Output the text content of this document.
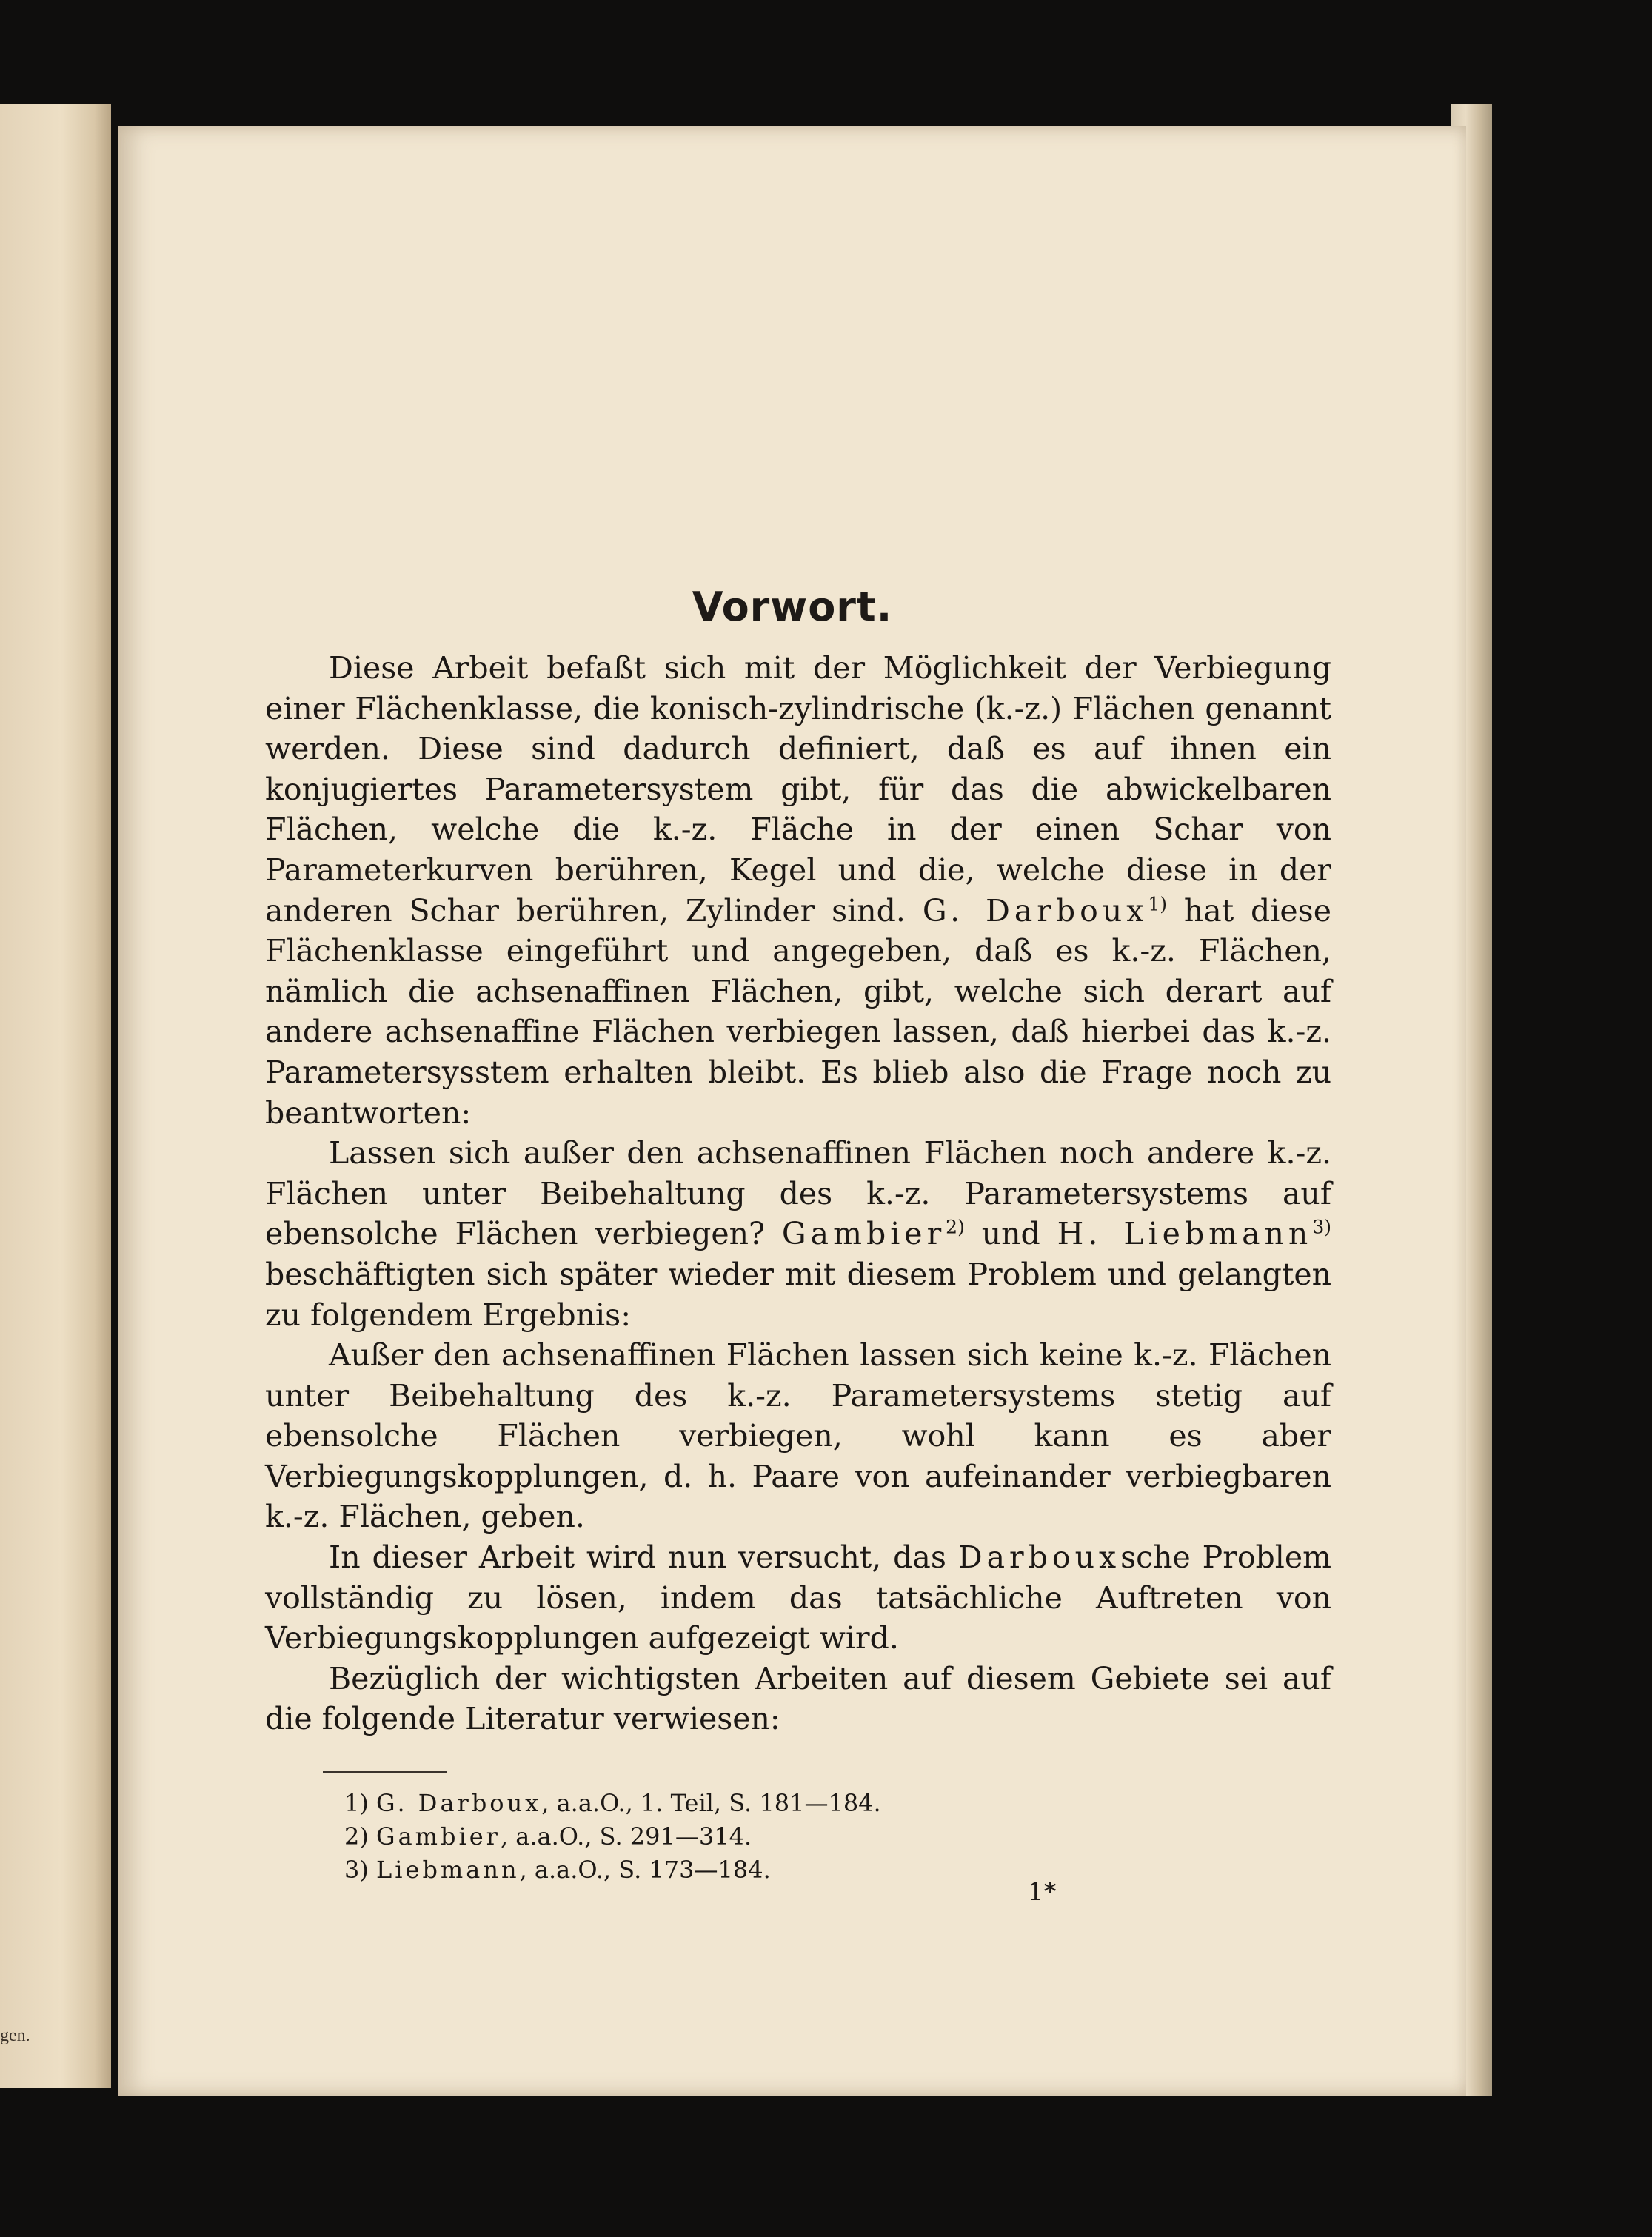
gen.
Vorwort.

Diese Arbeit befaßt sich mit der Möglichkeit der Verbiegung einer Flächenklasse, die konisch-zylindrische (k.-z.) Flächen genannt werden. Diese sind dadurch definiert, daß es auf ihnen ein konjugiertes Parametersystem gibt, für das die abwickelbaren Flächen, welche die k.-z. Fläche in der einen Schar von Parameterkurven berühren, Kegel und die, welche diese in der anderen Schar berühren, Zylinder sind. G. Darboux$^{1)}$ hat diese Flächenklasse eingeführt und angegeben, daß es k.-z. Flächen, nämlich die achsenaffinen Flächen, gibt, welche sich derart auf andere achsenaffine Flächen verbiegen lassen, daß hierbei das k.-z. Parametersysstem erhalten bleibt. Es blieb also die Frage noch zu beantworten:

Lassen sich außer den achsenaffinen Flächen noch andere k.-z. Flächen unter Beibehaltung des k.-z. Parametersystems auf ebensolche Flächen verbiegen? Gambier$^{2)}$ und H. Liebmann$^{3)}$ beschäftigten sich später wieder mit diesem Problem und gelangten zu folgendem Ergebnis:

Außer den achsenaffinen Flächen lassen sich keine k.-z. Flächen unter Beibehaltung des k.-z. Parametersystems stetig auf ebensolche Flächen verbiegen, wohl kann es aber Verbiegungskopplungen, d. h. Paare von aufeinander verbiegbaren k.-z. Flächen, geben.

In dieser Arbeit wird nun versucht, das Darbouxsche Problem vollständig zu lösen, indem das tatsächliche Auftreten von Verbiegungskopplungen aufgezeigt wird.

Bezüglich der wichtigsten Arbeiten auf diesem Gebiete sei auf die folgende Literatur verwiesen:

1) G. Darboux, a.a.O., 1. Teil, S. 181—184.
2) Gambier, a.a.O., S. 291—314.
3) Liebmann, a.a.O., S. 173—184.
1*
